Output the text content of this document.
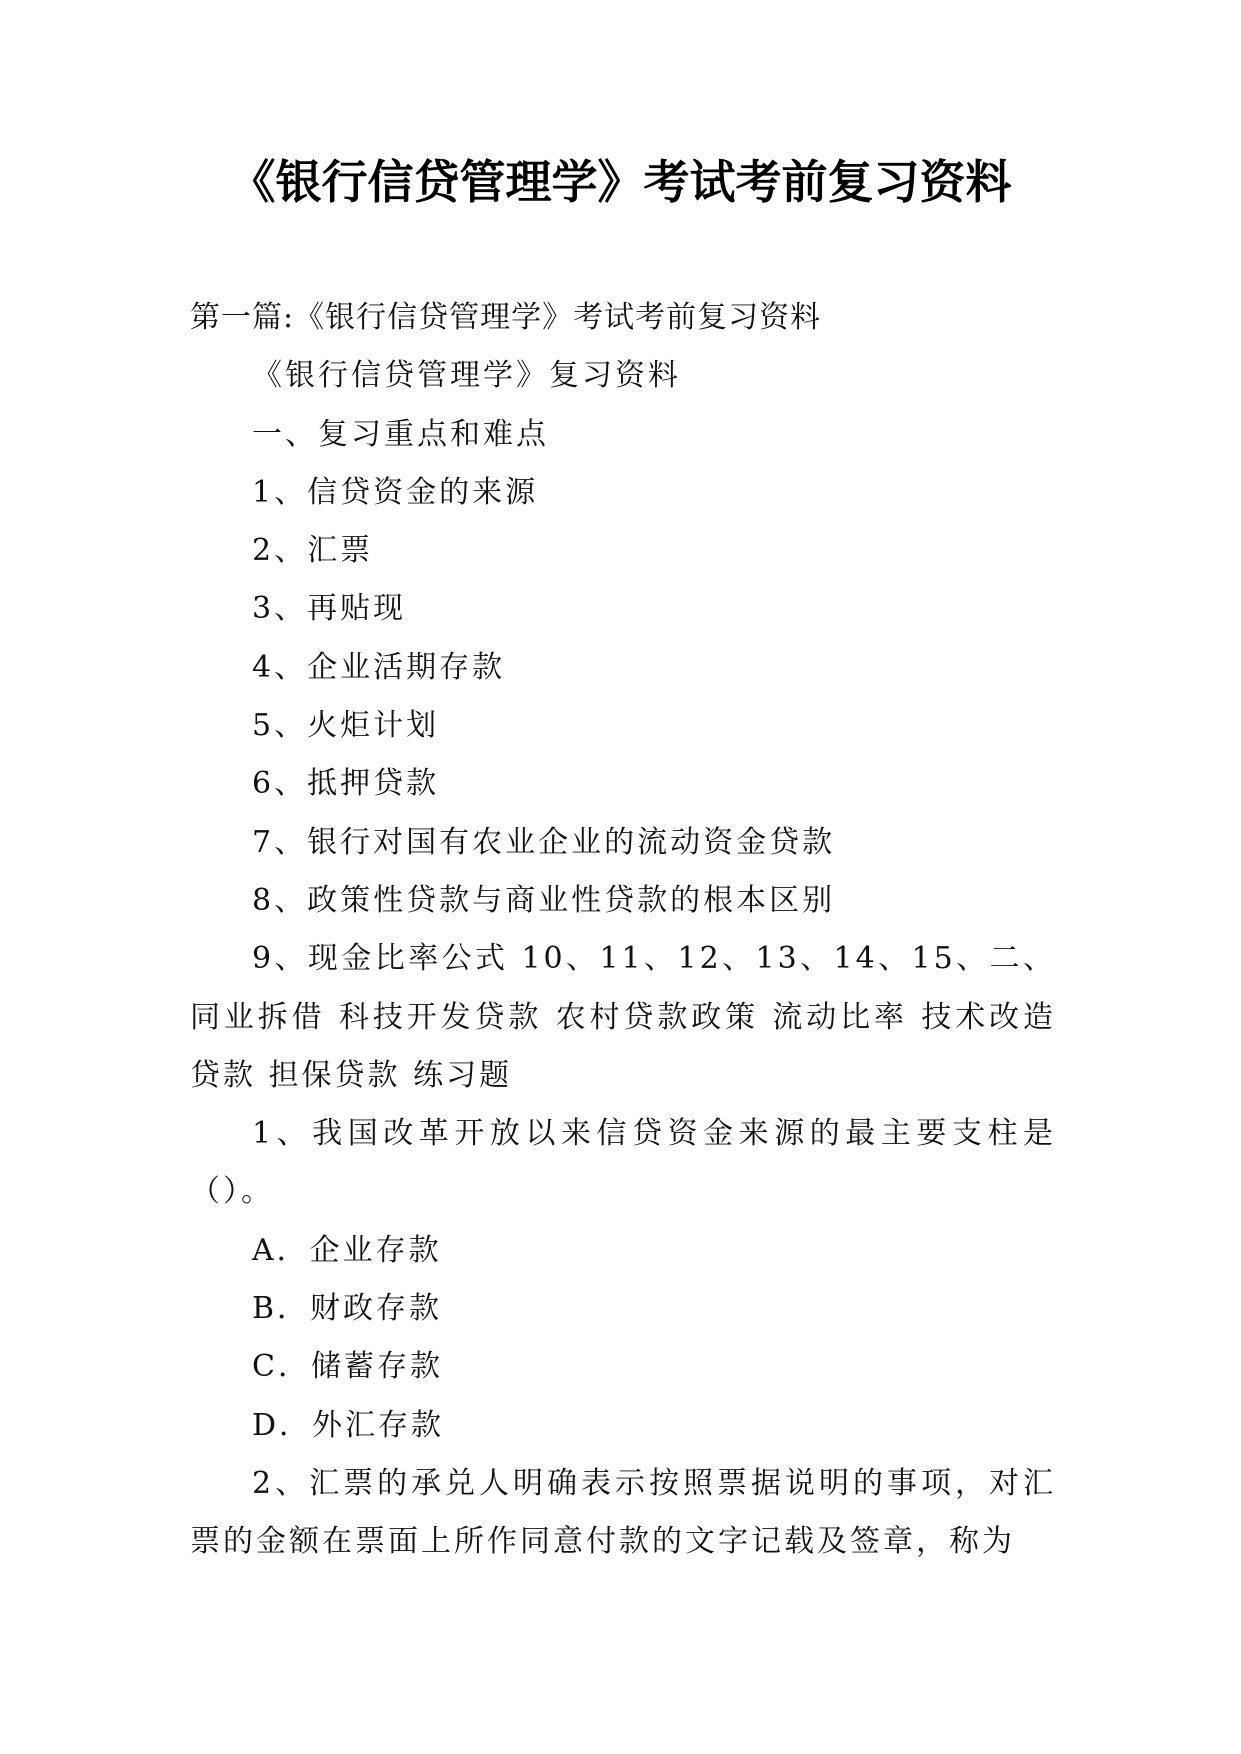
《银行信贷管理学》考试考前复习资料

第一篇:《银行信贷管理学》考试考前复习资料

《银行信贷管理学》复习资料

一、复习重点和难点

1、信贷资金的来源

2、汇票

3、再贴现

4、企业活期存款

5、火炬计划

6、抵押贷款

7、银行对国有农业企业的流动资金贷款

8、政策性贷款与商业性贷款的根本区别

9、现金比率公式 10、11、12、13、14、15、二、同业拆借 科技开发贷款 农村贷款政策 流动比率 技术改造贷款 担保贷款 练习题

1、我国改革开放以来信贷资金来源的最主要支柱是（）。

A．企业存款

B．财政存款

C．储蓄存款

D．外汇存款

2、汇票的承兑人明确表示按照票据说明的事项，对汇票的金额在票面上所作同意付款的文字记载及签章，称为
